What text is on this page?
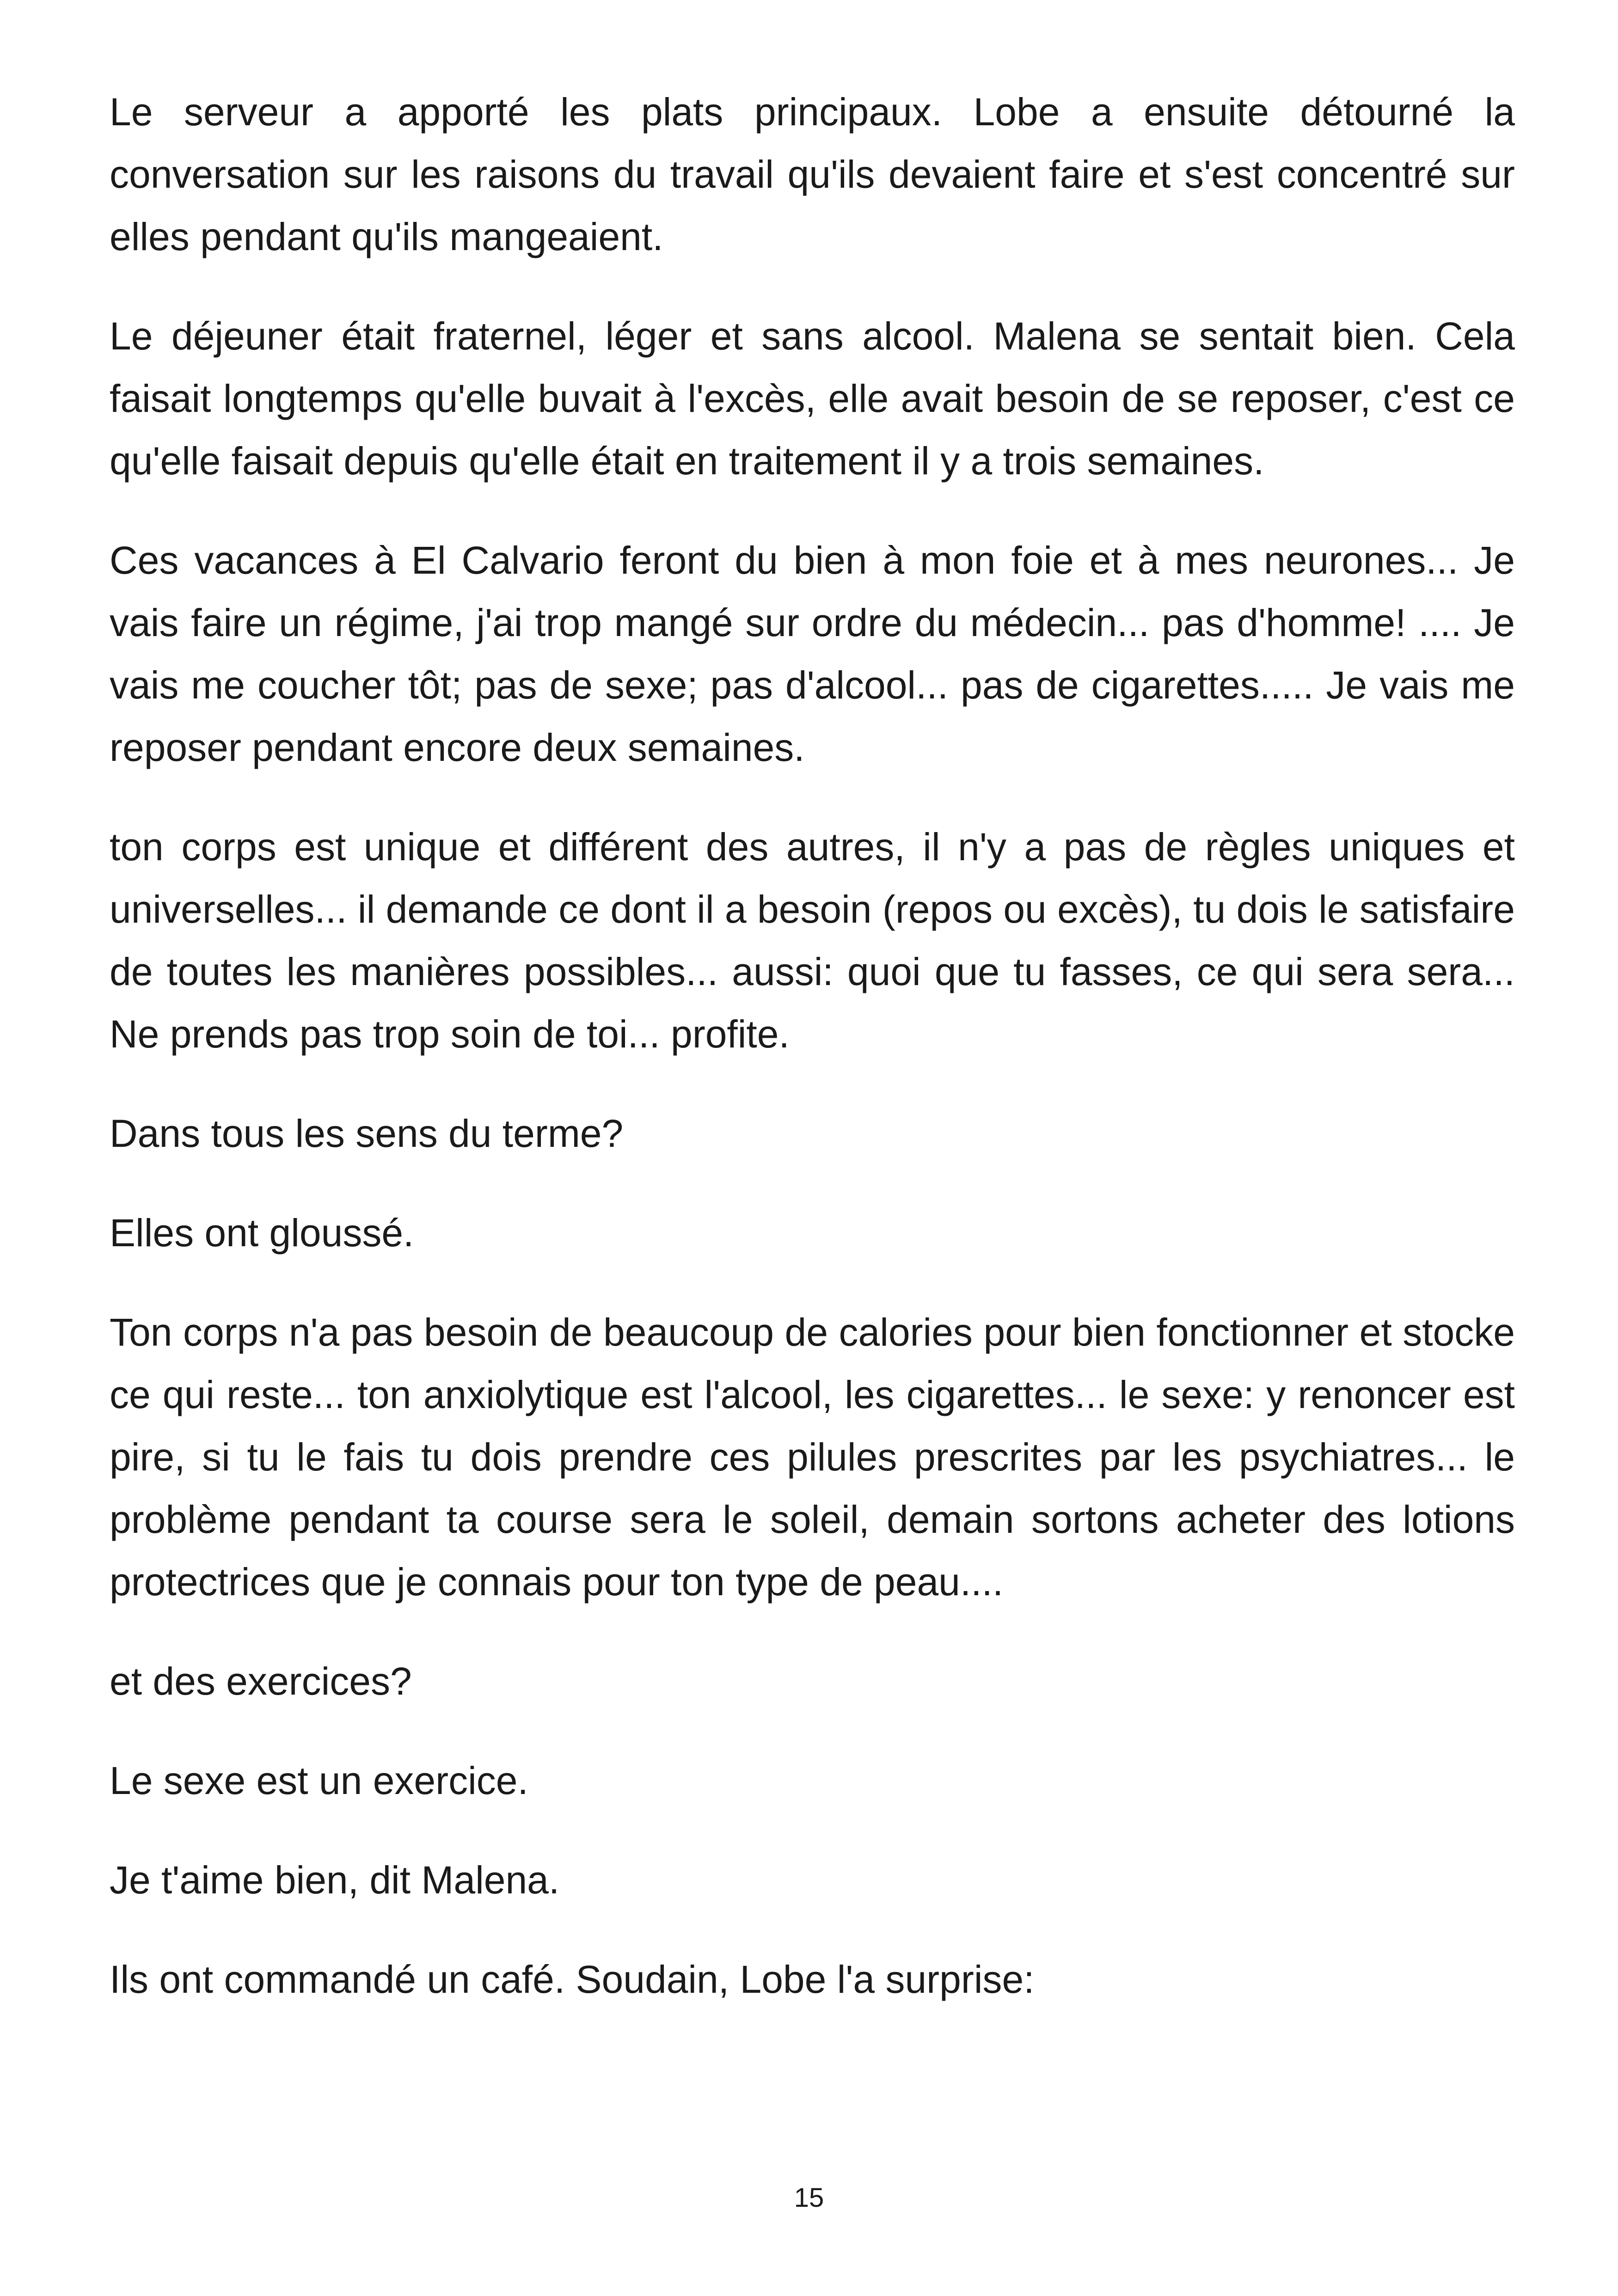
Le serveur a apporté les plats principaux. Lobe a ensuite détourné la conversation sur les raisons du travail qu'ils devaient faire et s'est concentré sur elles pendant qu'ils mangeaient.

Le déjeuner était fraternel, léger et sans alcool. Malena se sentait bien. Cela faisait longtemps qu'elle buvait à l'excès, elle avait besoin de se reposer, c'est ce qu'elle faisait depuis qu'elle était en traitement il y a trois semaines.

Ces vacances à El Calvario feront du bien à mon foie et à mes neurones... Je vais faire un régime, j'ai trop mangé sur ordre du médecin... pas d'homme! .... Je vais me coucher tôt; pas de sexe; pas d'alcool... pas de cigarettes..... Je vais me reposer pendant encore deux semaines.

ton corps est unique et différent des autres, il n'y a pas de règles uniques et universelles... il demande ce dont il a besoin (repos ou excès), tu dois le satisfaire de toutes les manières possibles... aussi: quoi que tu fasses, ce qui sera sera... Ne prends pas trop soin de toi... profite.

Dans tous les sens du terme?

Elles ont gloussé.

Ton corps n'a pas besoin de beaucoup de calories pour bien fonctionner et stocke ce qui reste... ton anxiolytique est l'alcool, les cigarettes... le sexe: y renoncer est pire, si tu le fais tu dois prendre ces pilules prescrites par les psychiatres... le problème pendant ta course sera le soleil, demain sortons acheter des lotions protectrices que je connais pour ton type de peau....

et des exercices?

Le sexe est un exercice.

Je t'aime bien, dit Malena.

Ils ont commandé un café. Soudain, Lobe l'a surprise:

15
